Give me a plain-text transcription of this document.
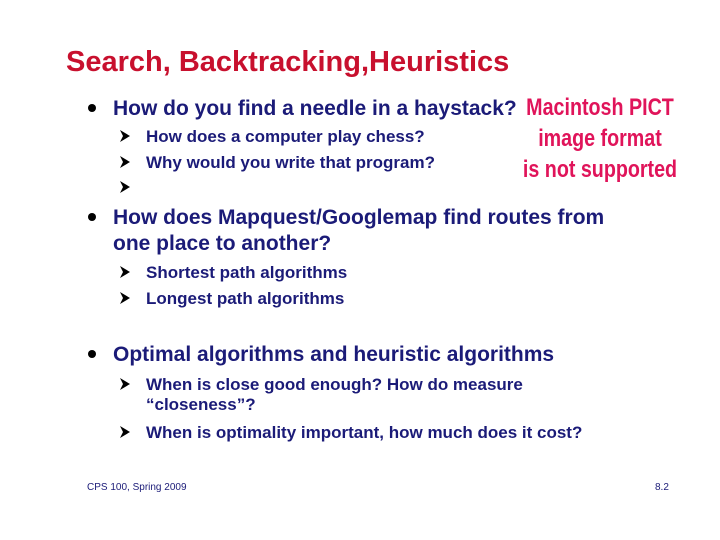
Search, Backtracking,Heuristics
How do you find a needle in a haystack?
How does a computer play chess?
Why would you write that program?
How does Mapquest/Googlemap find routes from
one place to another?
Shortest path algorithms
Longest path algorithms
Optimal algorithms and heuristic algorithms
When is close good enough? How do measure
“closeness”?
When is optimality important, how much does it cost?
Macintosh PICT
image format
is not supported
CPS 100, Spring 2009	8.2
